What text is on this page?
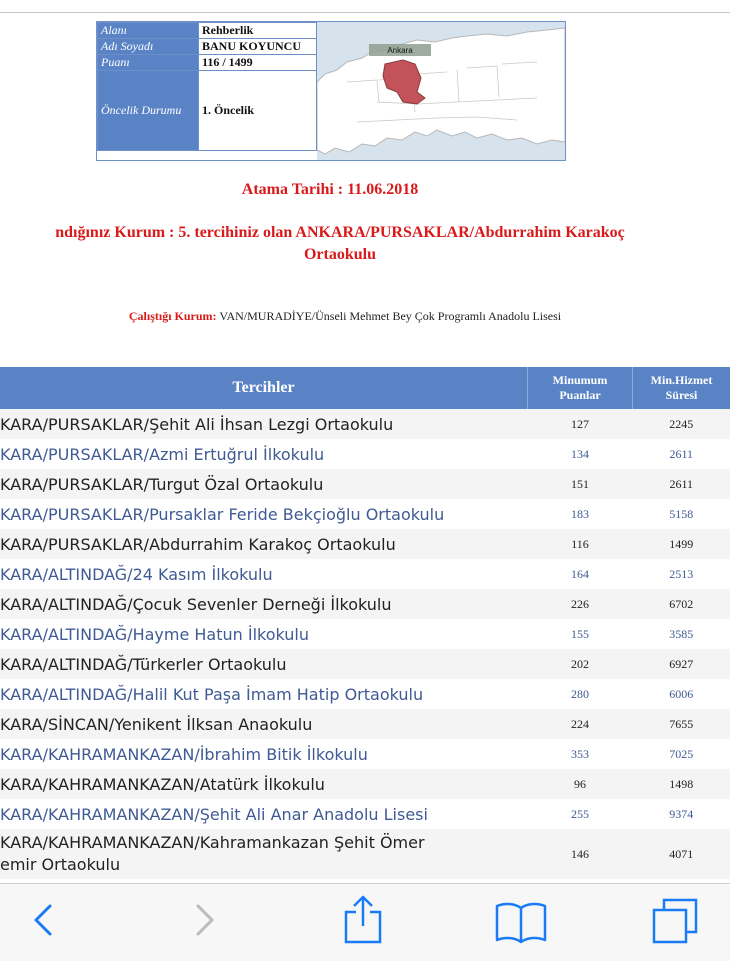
Alanı	Rehberlik
Adı Soyadı	BANU KOYUNCU
Puanı	116 / 1499
Öncelik Durumu	1. Öncelik
Ankara
Atama Tarihi : 11.06.2018
ndığınız Kurum : 5. tercihiniz olan ANKARA/PURSAKLAR/Abdurrahim Karakoç
Ortaokulu
Çalıştığı Kurum: VAN/MURADİYE/Ünseli Mehmet Bey Çok Programlı Anadolu Lisesi
Tercihler	Minumum Puanlar	Min.Hizmet Süresi

KARA/PURSAKLAR/Şehit Ali İhsan Lezgi Ortaokulu	127	2245
KARA/PURSAKLAR/Azmi Ertuğrul İlkokulu	134	2611
KARA/PURSAKLAR/Turgut Özal Ortaokulu	151	2611
KARA/PURSAKLAR/Pursaklar Feride Bekçioğlu Ortaokulu	183	5158
KARA/PURSAKLAR/Abdurrahim Karakoç Ortaokulu	116	1499
KARA/ALTINDAĞ/24 Kasım İlkokulu	164	2513
KARA/ALTINDAĞ/Çocuk Sevenler Derneği İlkokulu	226	6702
KARA/ALTINDAĞ/Hayme Hatun İlkokulu	155	3585
KARA/ALTINDAĞ/Türkerler Ortaokulu	202	6927
KARA/ALTINDAĞ/Halil Kut Paşa İmam Hatip Ortaokulu	280	6006
KARA/SİNCAN/Yenikent İlksan Anaokulu	224	7655
KARA/KAHRAMANKAZAN/İbrahim Bitik İlkokulu	353	7025
KARA/KAHRAMANKAZAN/Atatürk İlkokulu	96	1498
KARA/KAHRAMANKAZAN/Şehit Ali Anar Anadolu Lisesi	255	9374

KARA/KAHRAMANKAZAN/Kahramankazan Şehit Ömer
emir Ortaokulu	146	4071
